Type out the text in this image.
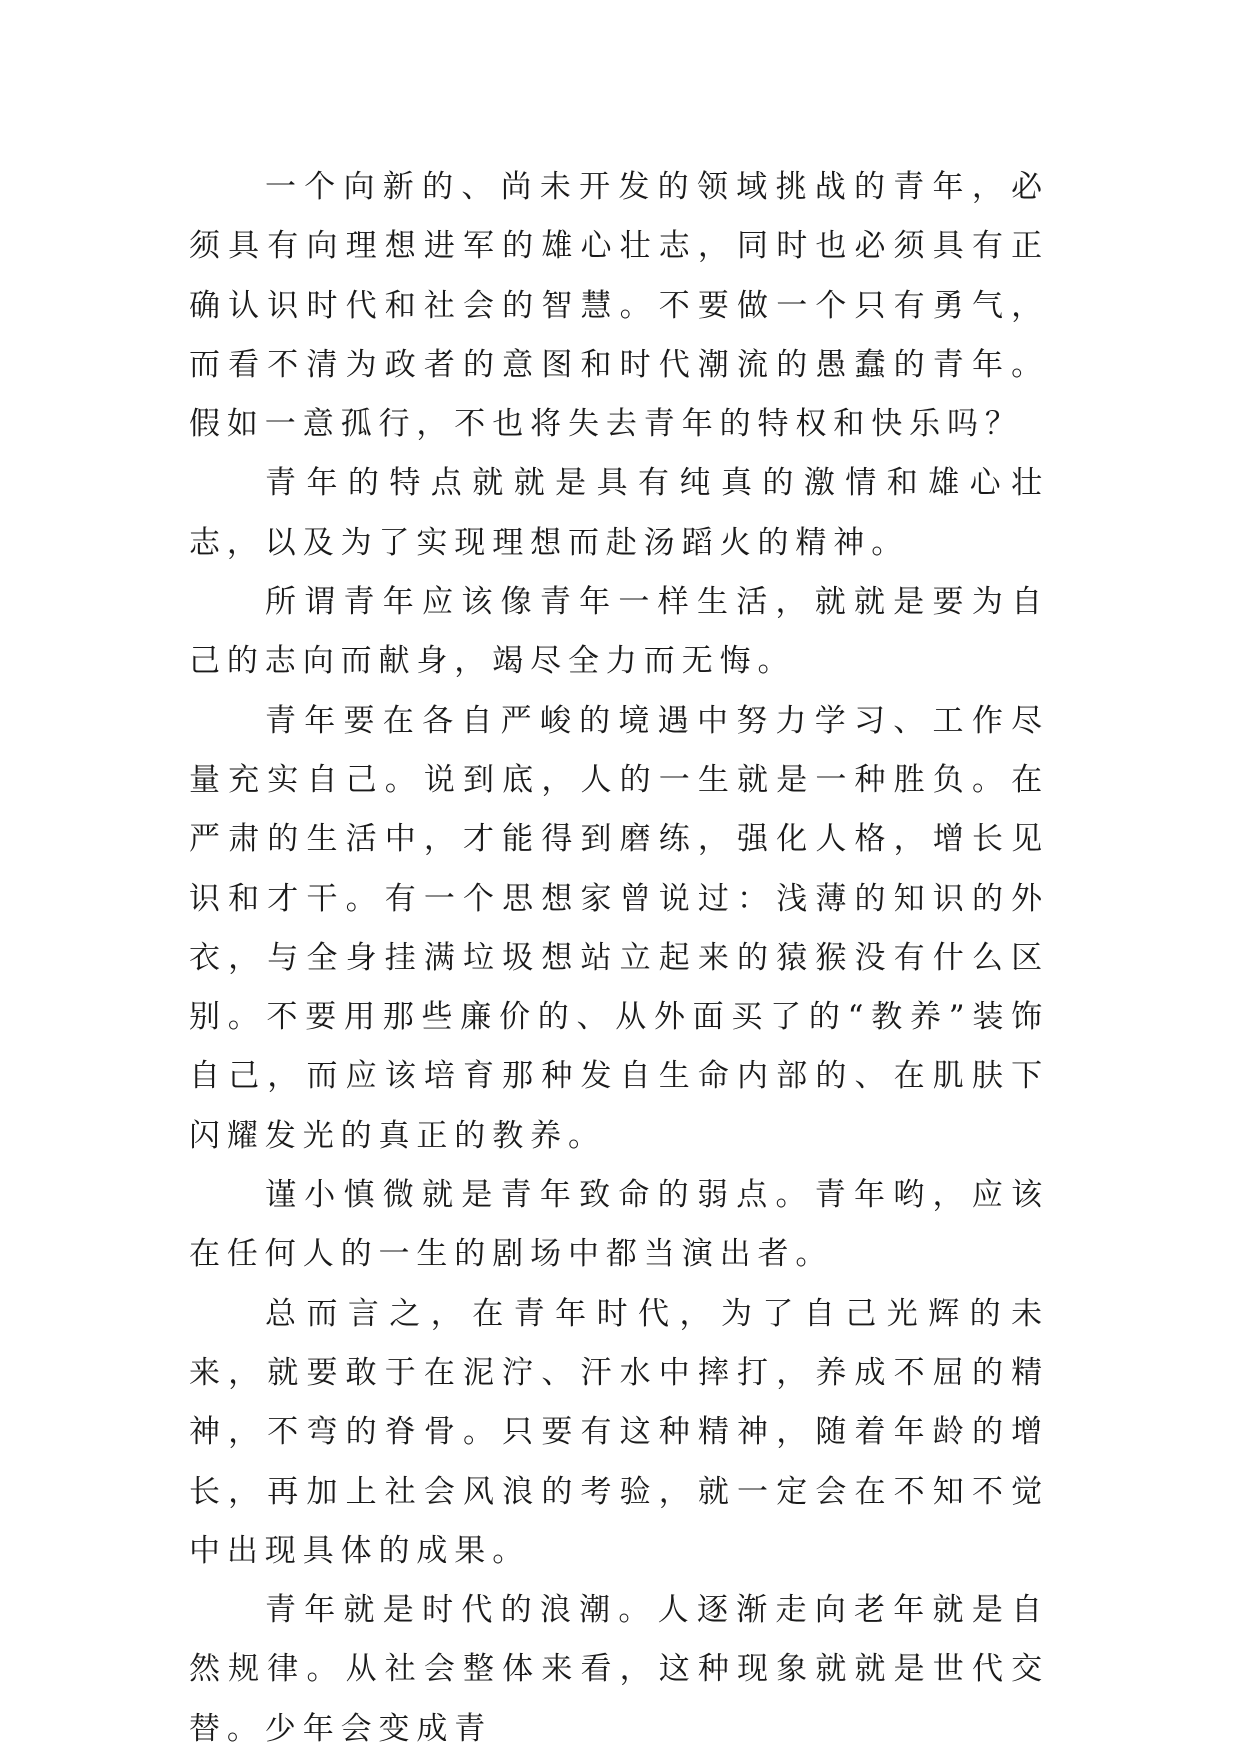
一个向新的、尚未开发的领域挑战的青年，必须具有向理想进军的雄心壮志，同时也必须具有正确认识时代和社会的智慧。不要做一个只有勇气，而看不清为政者的意图和时代潮流的愚蠢的青年。假如一意孤行，不也将失去青年的特权和快乐吗？

青年的特点就就是具有纯真的激情和雄心壮志，以及为了实现理想而赴汤蹈火的精神。

所谓青年应该像青年一样生活，就就是要为自己的志向而献身，竭尽全力而无悔。

青年要在各自严峻的境遇中努力学习、工作尽量充实自己。说到底，人的一生就是一种胜负。在严肃的生活中，才能得到磨练，强化人格，增长见识和才干。有一个思想家曾说过：浅薄的知识的外衣，与全身挂满垃圾想站立起来的猿猴没有什么区别。不要用那些廉价的、从外面买了的“教养”装饰自己，而应该培育那种发自生命内部的、在肌肤下闪耀发光的真正的教养。

谨小慎微就是青年致命的弱点。青年哟，应该在任何人的一生的剧场中都当演出者。

总而言之，在青年时代，为了自己光辉的未来，就要敢于在泥泞、汗水中摔打，养成不屈的精神，不弯的脊骨。只要有这种精神，随着年龄的增长，再加上社会风浪的考验，就一定会在不知不觉中出现具体的成果。

青年就是时代的浪潮。人逐渐走向老年就是自然规律。从社会整体来看，这种现象就就是世代交替。少年会变成青
